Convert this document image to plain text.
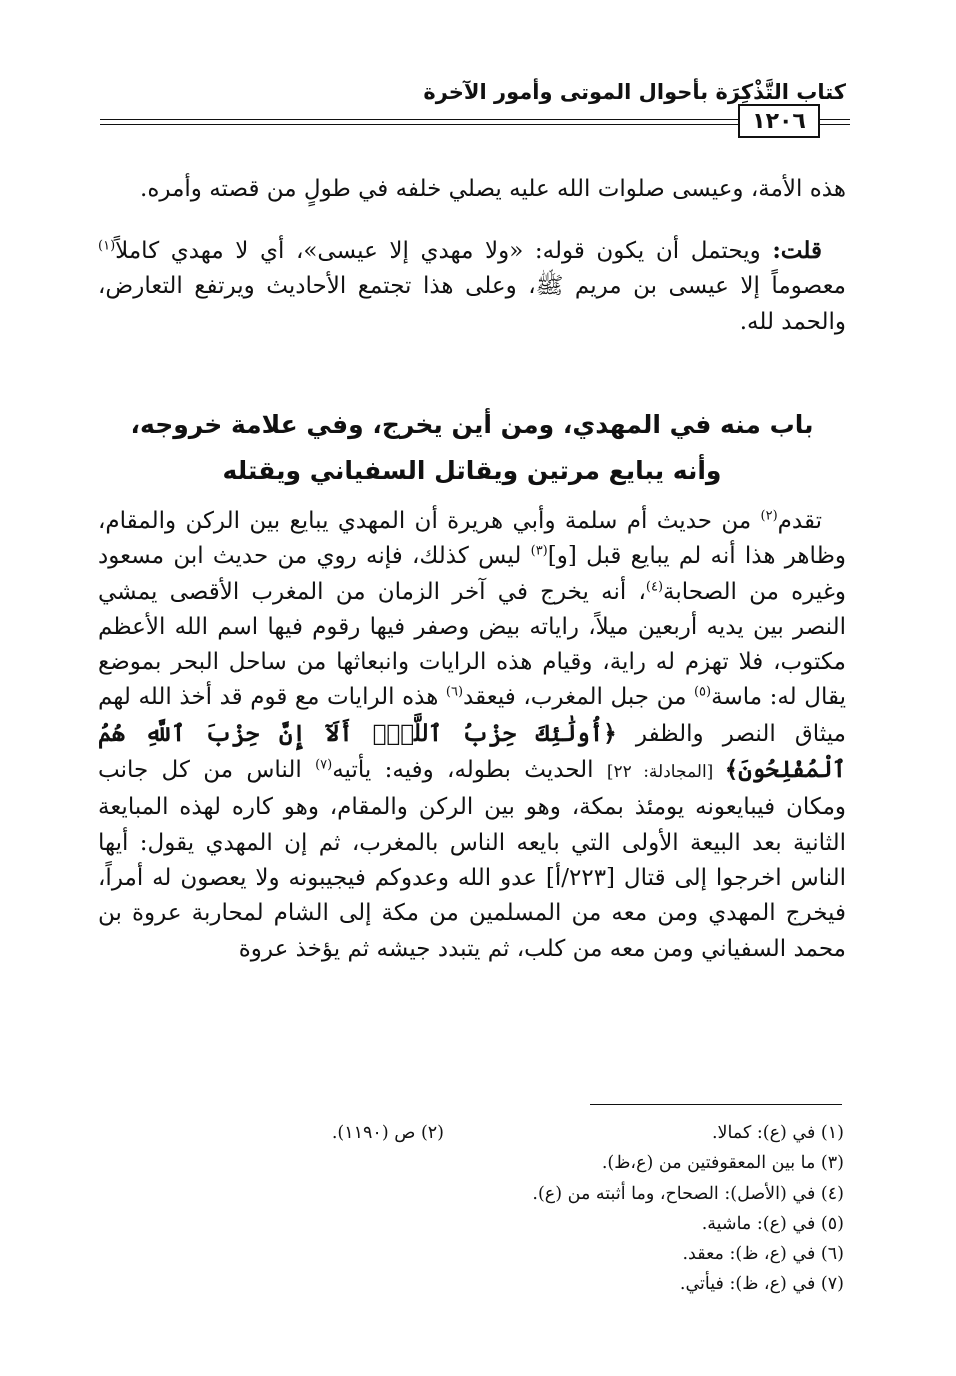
كتاب التَّذْكِرَة بأحوال الموتى وأمور الآخرة
١٢٠٦
هذه الأمة، وعيسى صلوات الله عليه يصلي خلفه في طولٍ من قصته وأمره.
قلت: ويحتمل أن يكون قوله: «ولا مهدي إلا عيسى»، أي لا مهدي كاملاً$^{(١)}$ معصوماً إلا عيسى بن مريم ﷺ، وعلى هذا تجتمع الأحاديث ويرتفع التعارض، والحمد لله.
باب منه في المهدي، ومن أين يخرج، وفي علامة خروجه،
وأنه يبايع مرتين ويقاتل السفياني ويقتله
تقدم$^{(٢)}$ من حديث أم سلمة وأبي هريرة أن المهدي يبايع بين الركن والمقام، وظاهر هذا أنه لم يبايع قبل [و]$^{(٣)}$ ليس كذلك، فإنه روي من حديث ابن مسعود وغيره من الصحابة$^{(٤)}$، أنه يخرج في آخر الزمان من المغرب الأقصى يمشي النصر بين يديه أربعين ميلاً، راياته بيض وصفر فيها رقوم فيها اسم الله الأعظم مكتوب، فلا تهزم له راية، وقيام هذه الرايات وانبعاثها من ساحل البحر بموضع يقال له: ماسة$^{(٥)}$ من جبل المغرب، فيعقد$^{(٦)}$ هذه الرايات مع قوم قد أخذ الله لهم ميثاق النصر والظفر ﴿أُولَٰئِكَ حِزْبُ ٱللَّهِۚ أَلَآ إِنَّ حِزْبَ ٱللَّهِ هُمُ ٱلْمُفْلِحُونَ﴾ [المجادلة: ٢٢] الحديث بطوله، وفيه: يأتيه$^{(٧)}$ الناس من كل جانب ومكان فيبايعونه يومئذ بمكة، وهو بين الركن والمقام، وهو كاره لهذه المبايعة الثانية بعد البيعة الأولى التي بايعه الناس بالمغرب، ثم إن المهدي يقول: أيها الناس اخرجوا إلى قتال [٢٢٣/أ] عدو الله وعدوكم فيجيبونه ولا يعصون له أمراً، فيخرج المهدي ومن معه من المسلمين من مكة إلى الشام لمحاربة عروة بن محمد السفياني ومن معه من كلب، ثم يتبدد جيشه ثم يؤخذ عروة
(١) في (ع): كمالا.
(٢) ص (١١٩٠).
(٣) ما بين المعقوفتين من (ع،ظ).
(٤) في (الأصل): الصحاح، وما أثبته من (ع).
(٥) في (ع): ماشية.
(٦) في (ع، ظ): معقد.
(٧) في (ع، ظ): فيأتي.
